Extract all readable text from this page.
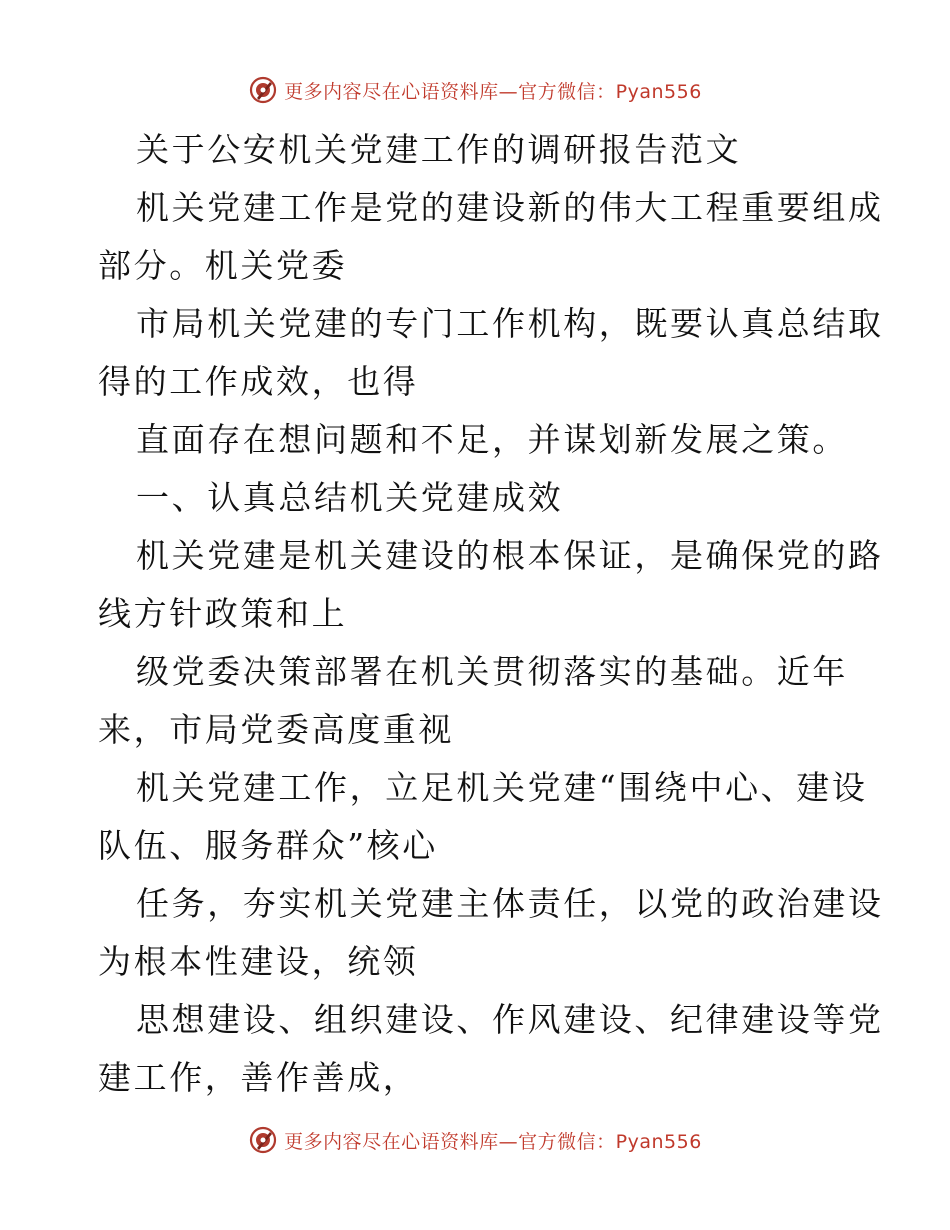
更多内容尽在心语资料库—官方微信：Pyan556

关于公安机关党建工作的调研报告范文

机关党建工作是党的建设新的伟大工程重要组成

部分。机关党委

市局机关党建的专门工作机构，既要认真总结取

得的工作成效，也得

直面存在想问题和不足，并谋划新发展之策。

一、认真总结机关党建成效

机关党建是机关建设的根本保证，是确保党的路

线方针政策和上

级党委决策部署在机关贯彻落实的基础。近年

来，市局党委高度重视

机关党建工作，立足机关党建“围绕中心、建设

队伍、服务群众”核心

任务，夯实机关党建主体责任，以党的政治建设

为根本性建设，统领

思想建设、组织建设、作风建设、纪律建设等党

建工作，善作善成，

更多内容尽在心语资料库—官方微信：Pyan556
